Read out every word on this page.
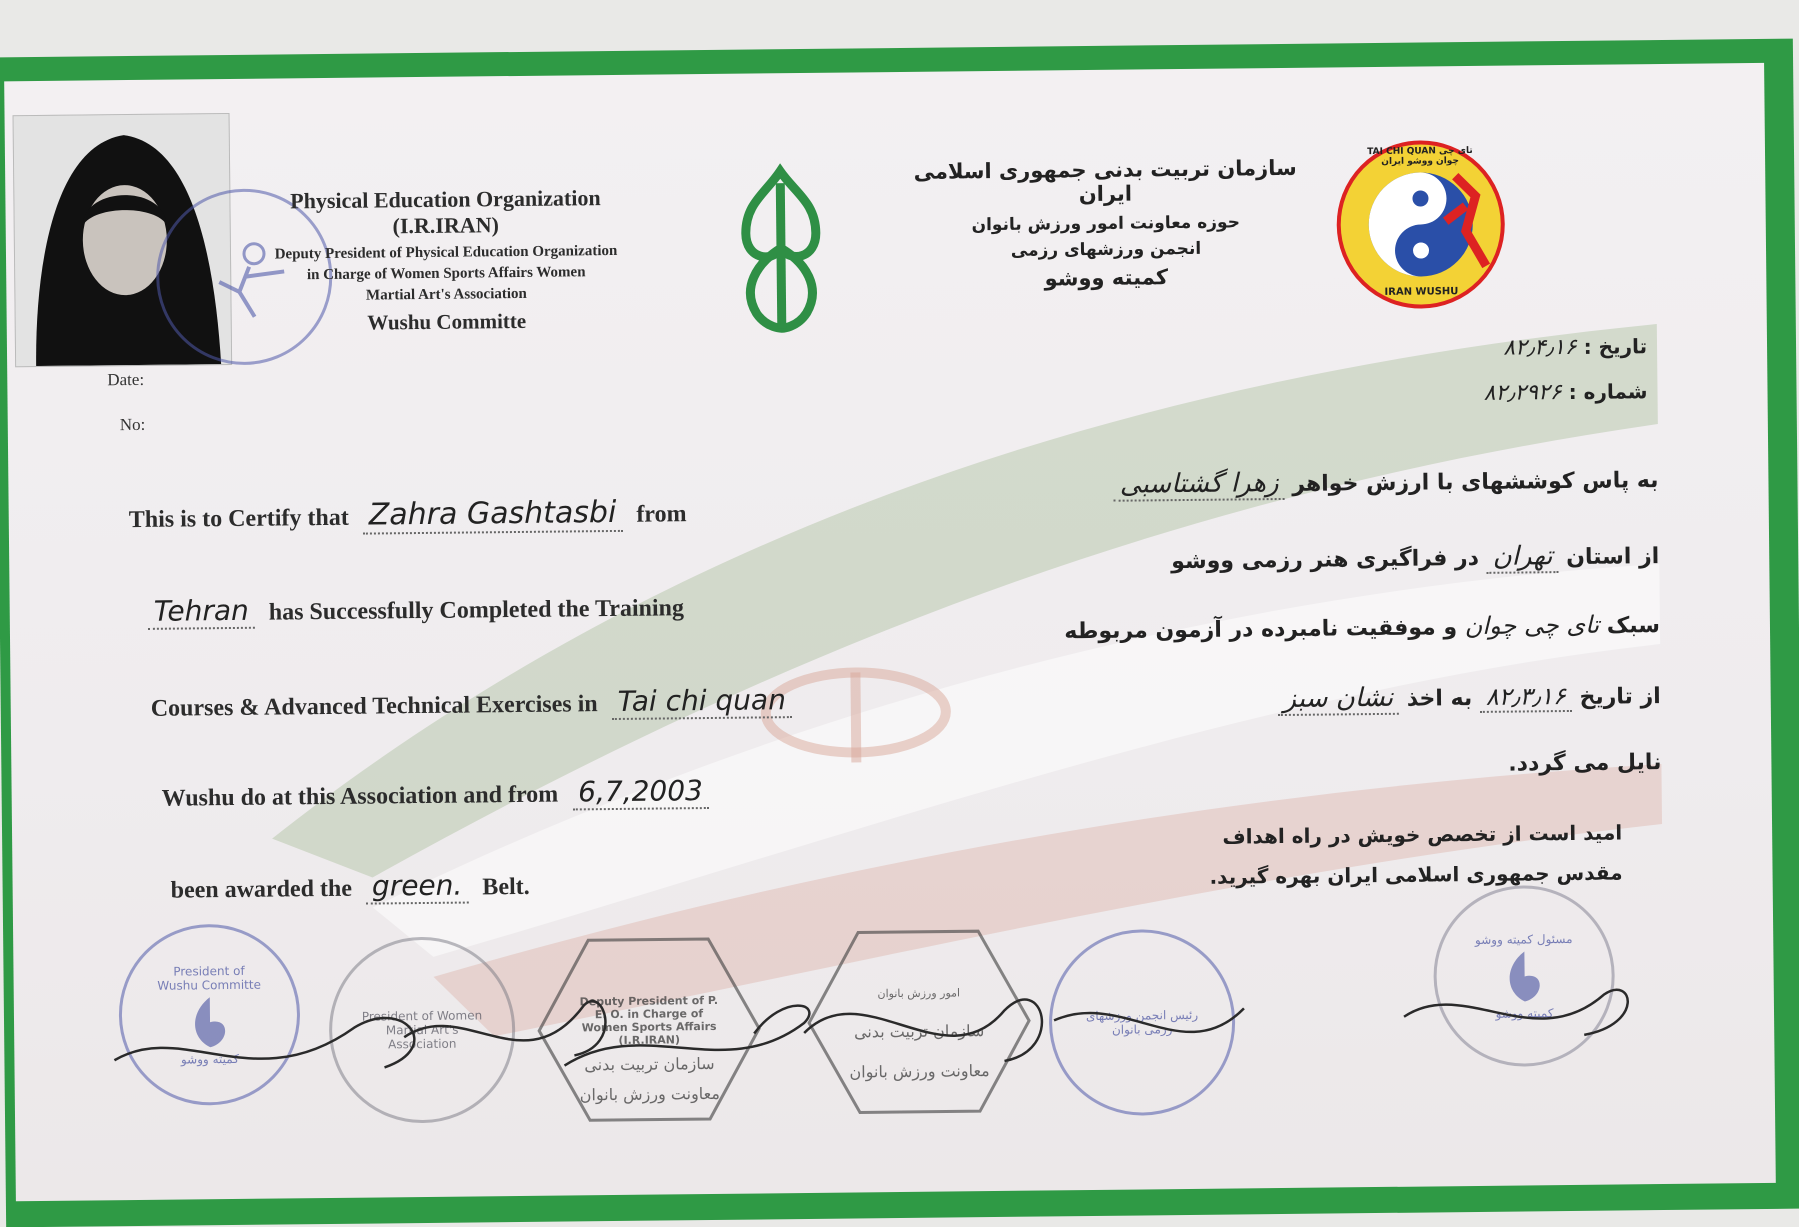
Physical Education Organization (I.R.IRAN)
Deputy President of Physical Education Organization
in Charge of Women Sports Affairs Women
Martial Art's Association
Wushu Committe
Date:
No:
سازمان تربیت بدنی جمهوری اسلامی ایران
حوزه معاونت امور ورزش بانوان
انجمن ورزشهای رزمی
کمیته ووشو
TAI CHI QUAN تای چی چوان ووشو ایران
IRAN WUSHU
تاریخ : ۸۲٫۴٫۱۶
شماره : ۸۲٫۲۹۲۶
This is to Certify that Zahra Gashtasbi from
Tehran has Successfully Completed the Training
Courses & Advanced Technical Exercises in Tai chi quan
Wushu do at this Association and from 6,7,2003
been awarded the green. Belt.
به پاس کوششهای با ارزش خواهر زهرا گشتاسبی
از استان تهران در فراگیری هنر رزمی ووشو
سبک تای چی چوان و موفقیت نامبرده در آزمون مربوطه
از تاریخ ۸۲٫۳٫۱۶ به اخذ نشان سبز
نایل می گردد.
امید است از تخصص خویش در راه اهداف
مقدس جمهوری اسلامی ایران بهره گیرید.
President of Wushu Committe
کمیته ووشو
President of Women Martial Art's Association
Deputy President of P. E. O. in Charge of Women Sports Affairs (I.R.IRAN)
سازمان تربیت بدنی
معاونت ورزش بانوان
امور ورزش بانوان
سازمان تربیت بدنی
معاونت ورزش بانوان
رئیس انجمن ورزشهای رزمی بانوان
مسئول کمیته ووشو
کمیته ووشو
